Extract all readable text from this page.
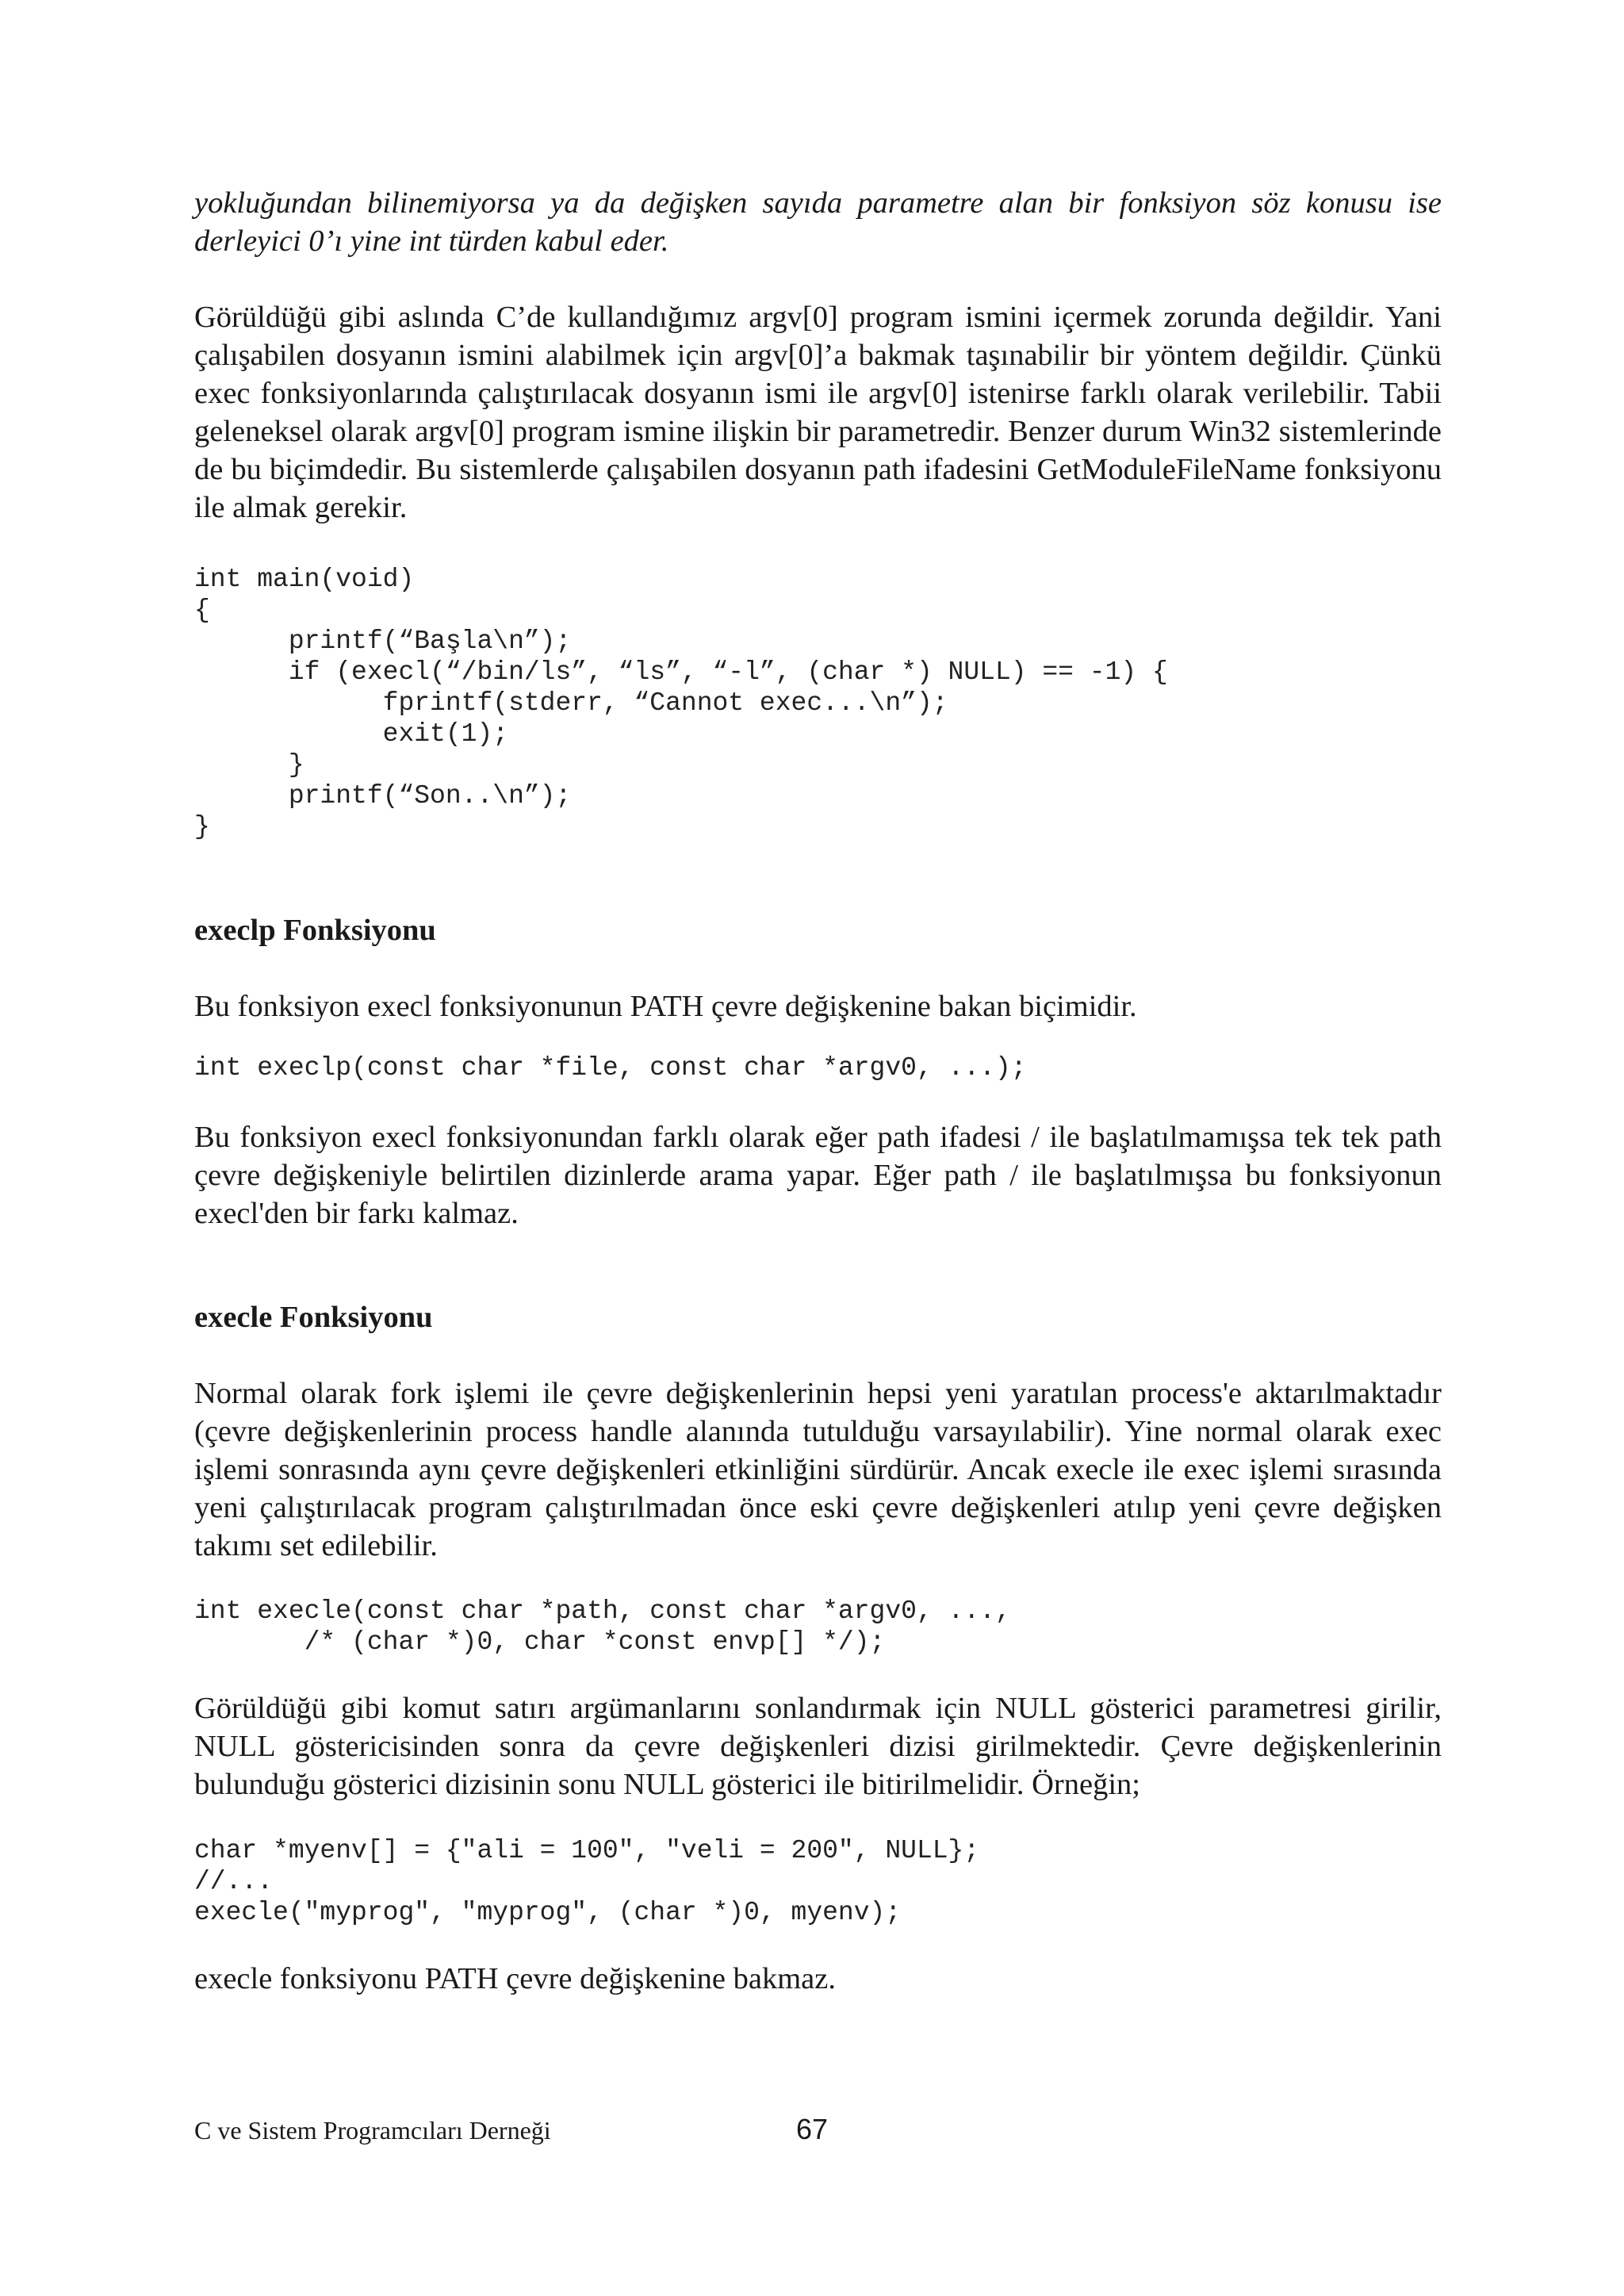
yokluğundan bilinemiyorsa ya da değişken sayıda parametre alan bir fonksiyon söz konusu ise derleyici 0’ı yine int türden kabul eder.

Görüldüğü gibi aslında C’de kullandığımız argv[0] program ismini içermek zorunda değildir. Yani çalışabilen dosyanın ismini alabilmek için argv[0]’a bakmak taşınabilir bir yöntem değildir. Çünkü exec fonksiyonlarında çalıştırılacak dosyanın ismi ile argv[0] istenirse farklı olarak verilebilir. Tabii geleneksel olarak argv[0] program ismine ilişkin bir parametredir. Benzer durum Win32 sistemlerinde de bu biçimdedir. Bu sistemlerde çalışabilen dosyanın path ifadesini GetModuleFileName fonksiyonu ile almak gerekir.

int main(void)
{
printf(“Başla\n”);
if (execl(“/bin/ls”, “ls”, “-l”, (char *) NULL) == -1) {
fprintf(stderr, “Cannot exec...\n”);
exit(1);
}
printf(“Son..\n”);
}
execlp Fonksiyonu

Bu fonksiyon execl fonksiyonunun PATH çevre değişkenine bakan biçimidir.

int execlp(const char *file, const char *argv0, ...);

Bu fonksiyon execl fonksiyonundan farklı olarak eğer path ifadesi / ile başlatılmamışsa tek tek path çevre değişkeniyle belirtilen dizinlerde arama yapar. Eğer path / ile başlatılmışsa bu fonksiyonun execl'den bir farkı kalmaz.

execle Fonksiyonu

Normal olarak fork işlemi ile çevre değişkenlerinin hepsi yeni yaratılan process'e aktarılmaktadır (çevre değişkenlerinin process handle alanında tutulduğu varsayılabilir). Yine normal olarak exec işlemi sonrasında aynı çevre değişkenleri etkinliğini sürdürür. Ancak execle ile exec işlemi sırasında yeni çalıştırılacak program çalıştırılmadan önce eski çevre değişkenleri atılıp yeni çevre değişken takımı set edilebilir.

int execle(const char *path, const char *argv0, ...,
/* (char *)0, char *const envp[] */);

Görüldüğü gibi komut satırı argümanlarını sonlandırmak için NULL gösterici parametresi girilir, NULL göstericisinden sonra da çevre değişkenleri dizisi girilmektedir. Çevre değişkenlerinin bulunduğu gösterici dizisinin sonu NULL gösterici ile bitirilmelidir. Örneğin;

char *myenv[] = {"ali = 100", "veli = 200", NULL};
//...
execle("myprog", "myprog", (char *)0, myenv);

execle fonksiyonu PATH çevre değişkenine bakmaz.

C ve Sistem Programcıları Derneği	67
